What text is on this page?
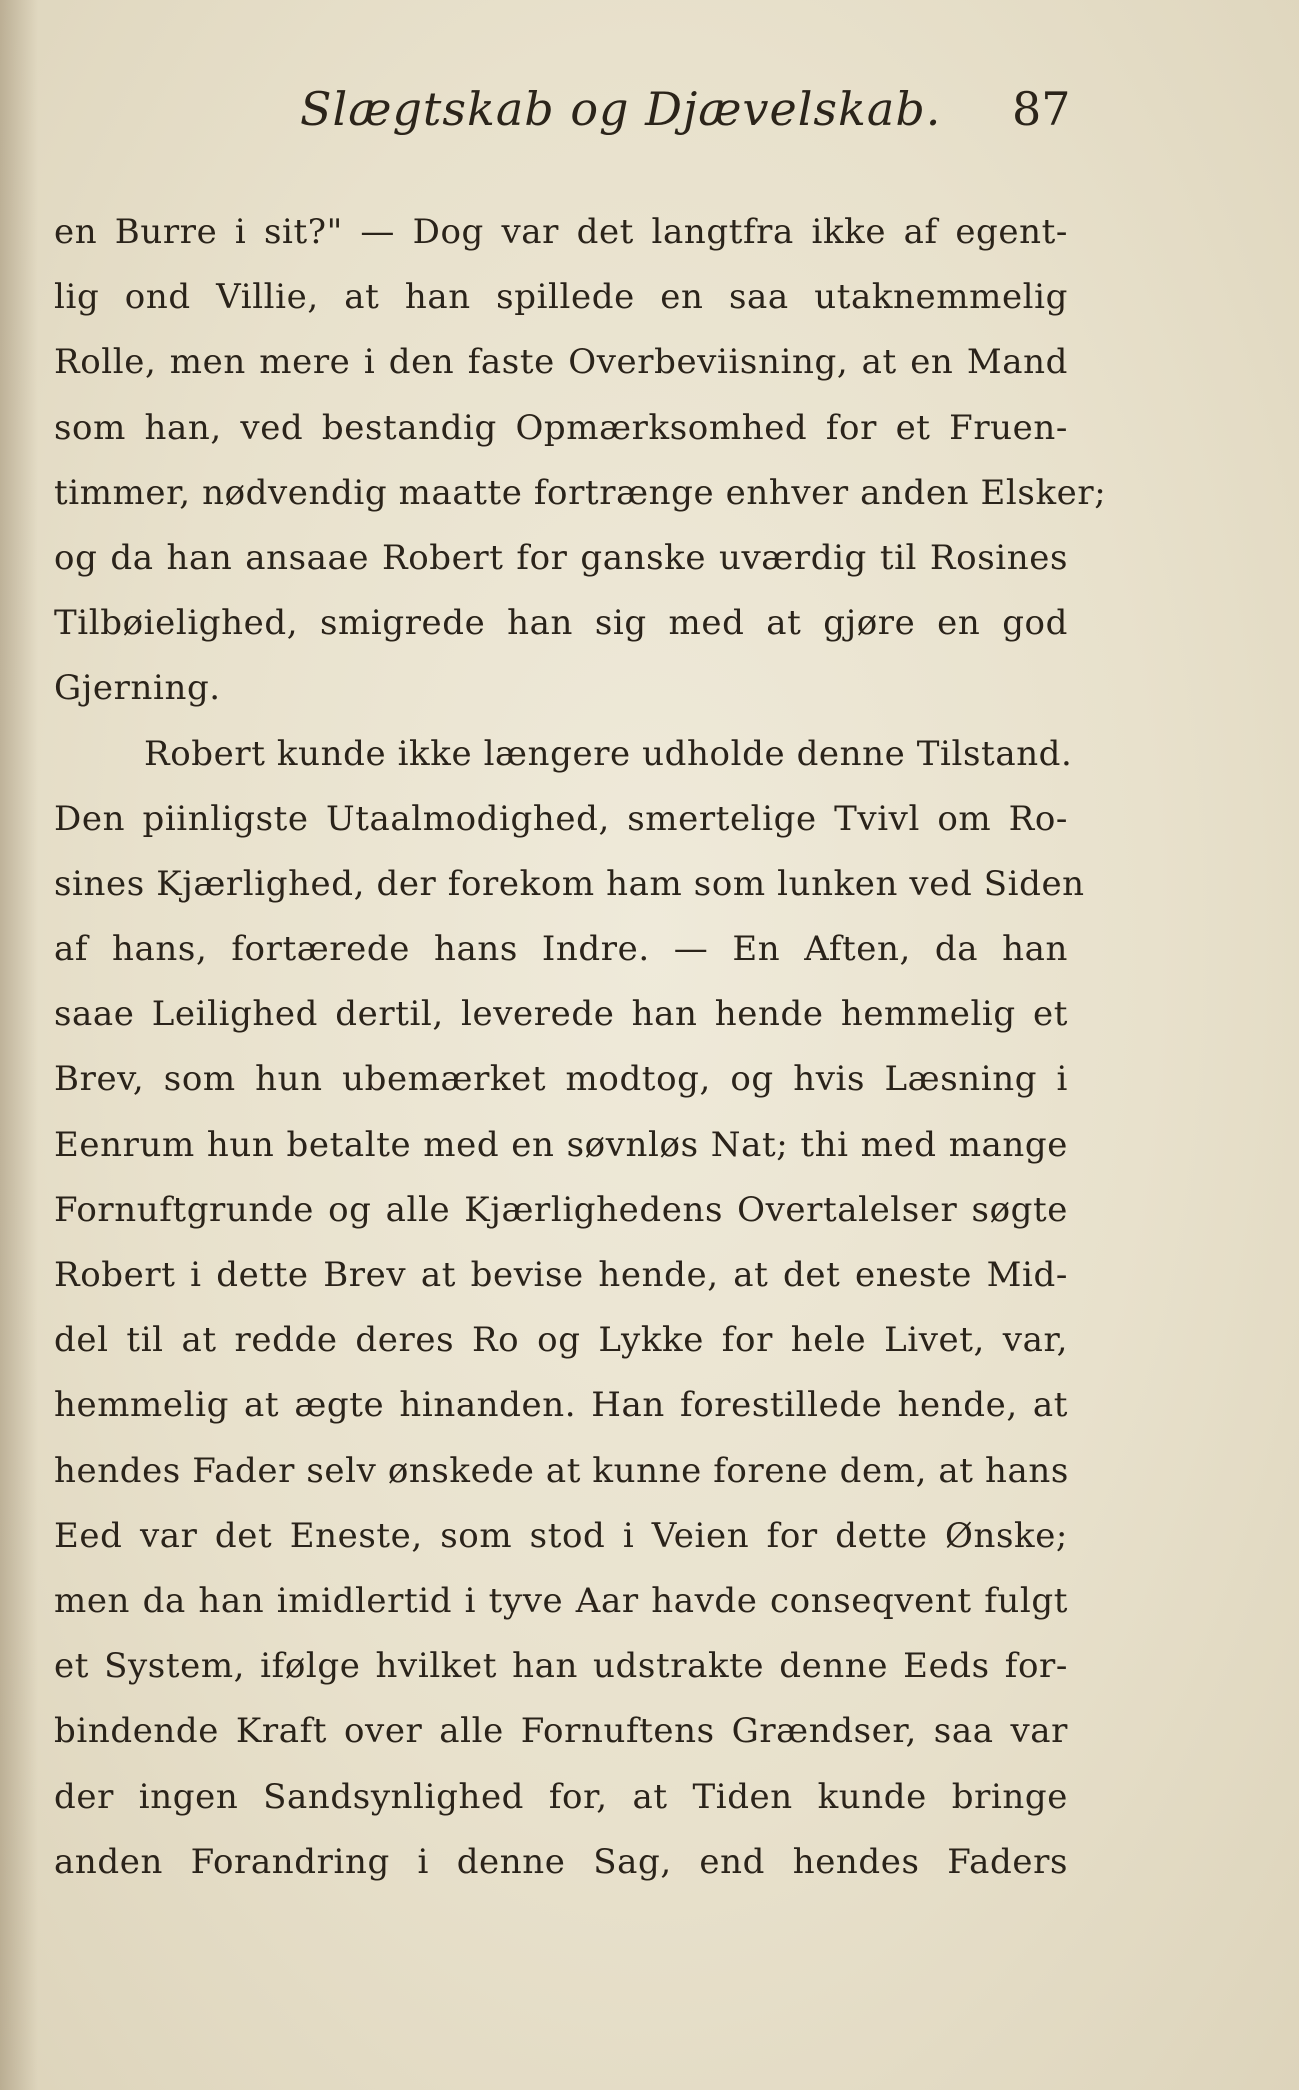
Slægtskab og Djævelskab. 87
en Burre i sit?" — Dog var det langtfra ikke af egent-
lig ond Villie, at han spillede en saa utaknemmelig
Rolle, men mere i den faste Overbeviisning, at en Mand
som han, ved bestandig Opmærksomhed for et Fruen-
timmer, nødvendig maatte fortrænge enhver anden Elsker;
og da han ansaae Robert for ganske uværdig til Rosines
Tilbøielighed, smigrede han sig med at gjøre en god
Gjerning.
Robert kunde ikke længere udholde denne Tilstand.
Den piinligste Utaalmodighed, smertelige Tvivl om Ro-
sines Kjærlighed, der forekom ham som lunken ved Siden
af hans, fortærede hans Indre. — En Aften, da han
saae Leilighed dertil, leverede han hende hemmelig et
Brev, som hun ubemærket modtog, og hvis Læsning i
Eenrum hun betalte med en søvnløs Nat; thi med mange
Fornuftgrunde og alle Kjærlighedens Overtalelser søgte
Robert i dette Brev at bevise hende, at det eneste Mid-
del til at redde deres Ro og Lykke for hele Livet, var,
hemmelig at ægte hinanden. Han forestillede hende, at
hendes Fader selv ønskede at kunne forene dem, at hans
Eed var det Eneste, som stod i Veien for dette Ønske;
men da han imidlertid i tyve Aar havde conseqvent fulgt
et System, ifølge hvilket han udstrakte denne Eeds for-
bindende Kraft over alle Fornuftens Grændser, saa var
der ingen Sandsynlighed for, at Tiden kunde bringe
anden Forandring i denne Sag, end hendes Faders
